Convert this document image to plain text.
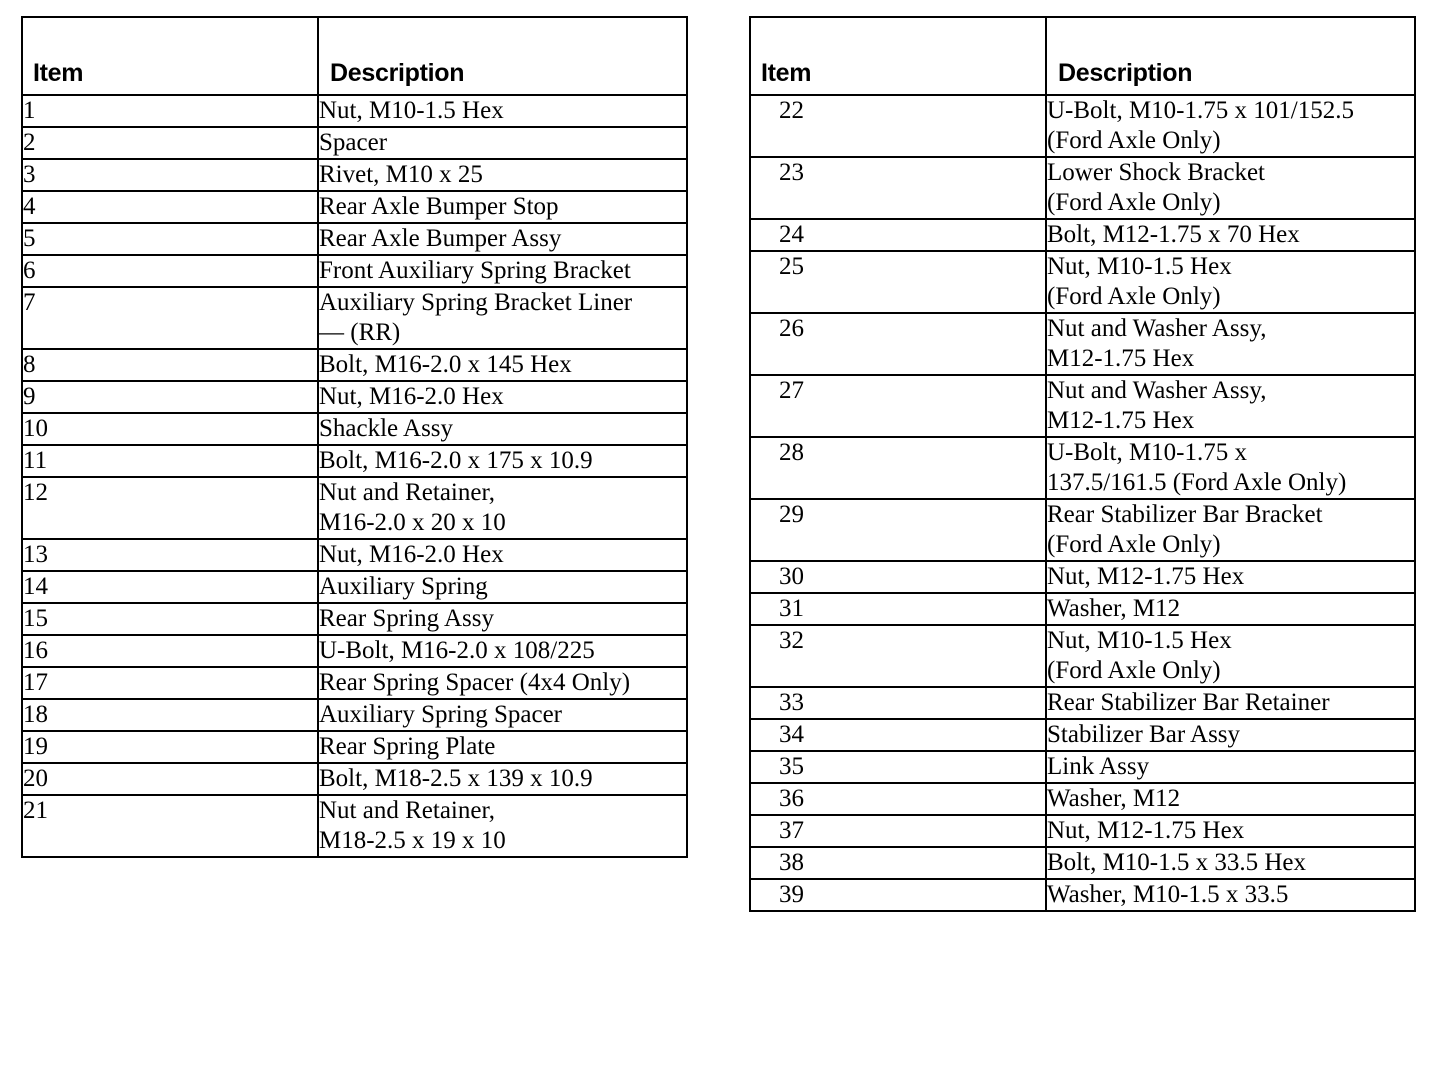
Item	Description
1	Nut, M10-1.5 Hex
2	Spacer
3	Rivet, M10 x 25
4	Rear Axle Bumper Stop
5	Rear Axle Bumper Assy
6	Front Auxiliary Spring Bracket
7	Auxiliary Spring Bracket Liner
— (RR)
8	Bolt, M16-2.0 x 145 Hex
9	Nut, M16-2.0 Hex
10	Shackle Assy
11	Bolt, M16-2.0 x 175 x 10.9
12	Nut and Retainer,
M16-2.0 x 20 x 10
13	Nut, M16-2.0 Hex
14	Auxiliary Spring
15	Rear Spring Assy
16	U-Bolt, M16-2.0 x 108/225
17	Rear Spring Spacer (4x4 Only)
18	Auxiliary Spring Spacer
19	Rear Spring Plate
20	Bolt, M18-2.5 x 139 x 10.9
21	Nut and Retainer,
M18-2.5 x 19 x 10
Item	Description
22	U-Bolt, M10-1.75 x 101/152.5
(Ford Axle Only)
23	Lower Shock Bracket
(Ford Axle Only)
24	Bolt, M12-1.75 x 70 Hex
25	Nut, M10-1.5 Hex
(Ford Axle Only)
26	Nut and Washer Assy,
M12-1.75 Hex
27	Nut and Washer Assy,
M12-1.75 Hex
28	U-Bolt, M10-1.75 x
137.5/161.5 (Ford Axle Only)
29	Rear Stabilizer Bar Bracket
(Ford Axle Only)
30	Nut, M12-1.75 Hex
31	Washer, M12
32	Nut, M10-1.5 Hex
(Ford Axle Only)
33	Rear Stabilizer Bar Retainer
34	Stabilizer Bar Assy
35	Link Assy
36	Washer, M12
37	Nut, M12-1.75 Hex
38	Bolt, M10-1.5 x 33.5 Hex
39	Washer, M10-1.5 x 33.5
